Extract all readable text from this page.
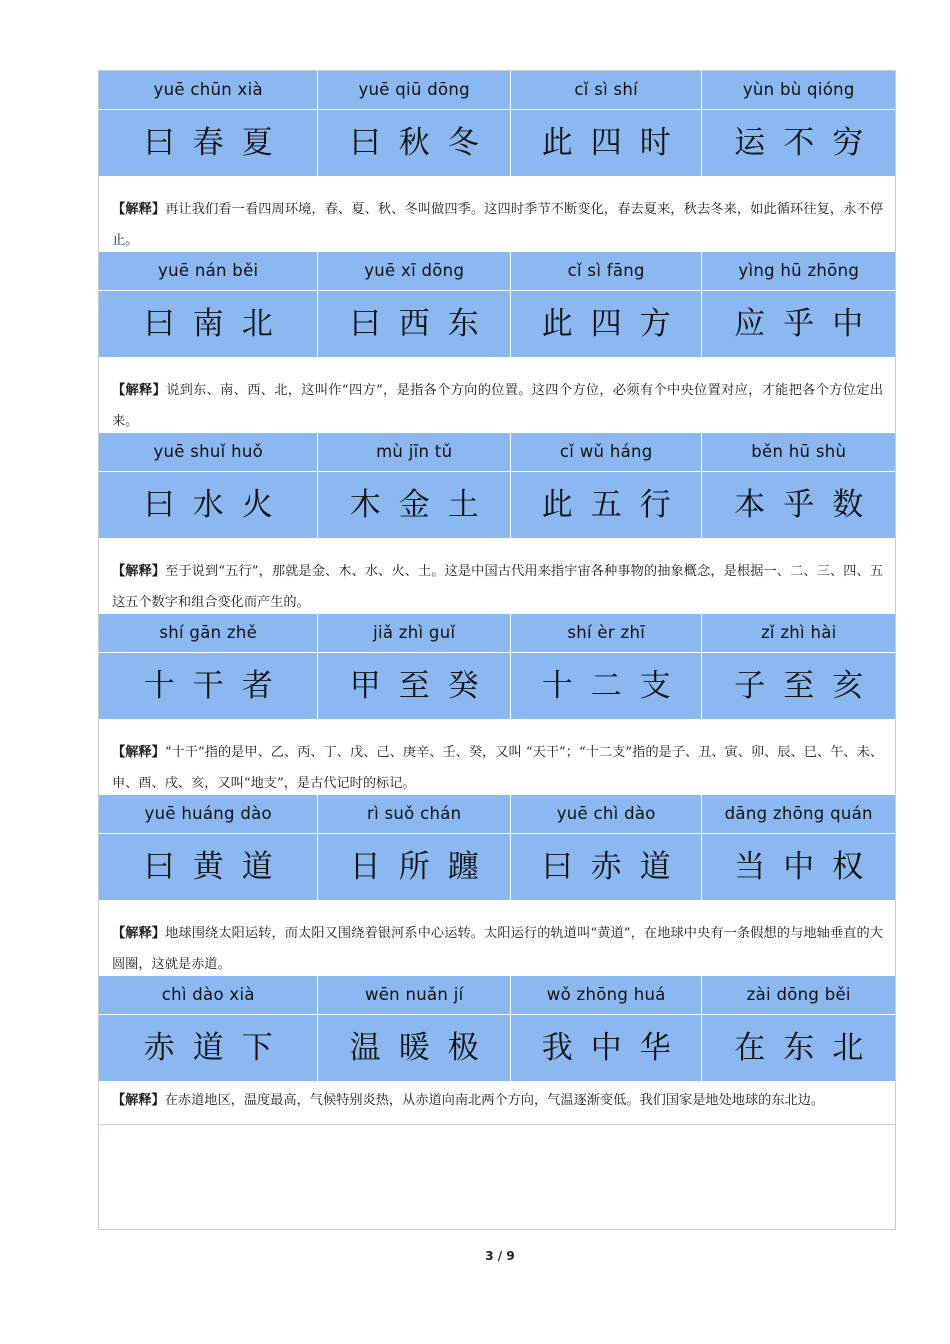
yuē chūn xià
曰春夏
yuē qiū dōng
曰秋冬
cǐ sì shí
此四时
yùn bù qióng
运不穷
【解释】再让我们看一看四周环境，春、夏、秋、冬叫做四季。这四时季节不断变化，春去夏来，秋去冬来，如此循环往复，永不停止。
yuē nán běi
曰南北
yuē xī dōng
曰西东
cǐ sì fāng
此四方
yìng hū zhōng
应乎中
【解释】说到东、南、西、北，这叫作“四方”，是指各个方向的位置。这四个方位，必须有个中央位置对应，才能把各个方位定出来。
yuē shuǐ huǒ
曰水火
mù jīn tǔ
木金土
cǐ wǔ háng
此五行
běn hū shù
本乎数
【解释】至于说到“五行”，那就是金、木、水、火、土。这是中国古代用来指宇宙各种事物的抽象概念，是根据一、二、三、四、五这五个数字和组合变化而产生的。
shí gān zhě
十干者
jiǎ zhì guǐ
甲至癸
shí èr zhī
十二支
zǐ zhì hài
子至亥
【解释】“十干”指的是甲、乙、丙、丁、戊、己、庚辛、壬、癸，又叫 “天干”；“十二支”指的是子、丑、寅、卯、辰、巳、午、未、申、酉、戌、亥，又叫“地支”，是古代记时的标记。
yuē huáng dào
曰黄道
rì suǒ chán
日所躔
yuē chì dào
曰赤道
dāng zhōng quán
当中权
【解释】地球围绕太阳运转，而太阳又围绕着银河系中心运转。太阳运行的轨道叫“黄道”，在地球中央有一条假想的与地轴垂直的大圆圈，这就是赤道。
chì dào xià
赤道下
wēn nuǎn jí
温暖极
wǒ zhōng huá
我中华
zài dōng běi
在东北
【解释】在赤道地区，温度最高，气候特别炎热，从赤道向南北两个方向，气温逐渐变低。我们国家是地处地球的东北边。
3 / 9
